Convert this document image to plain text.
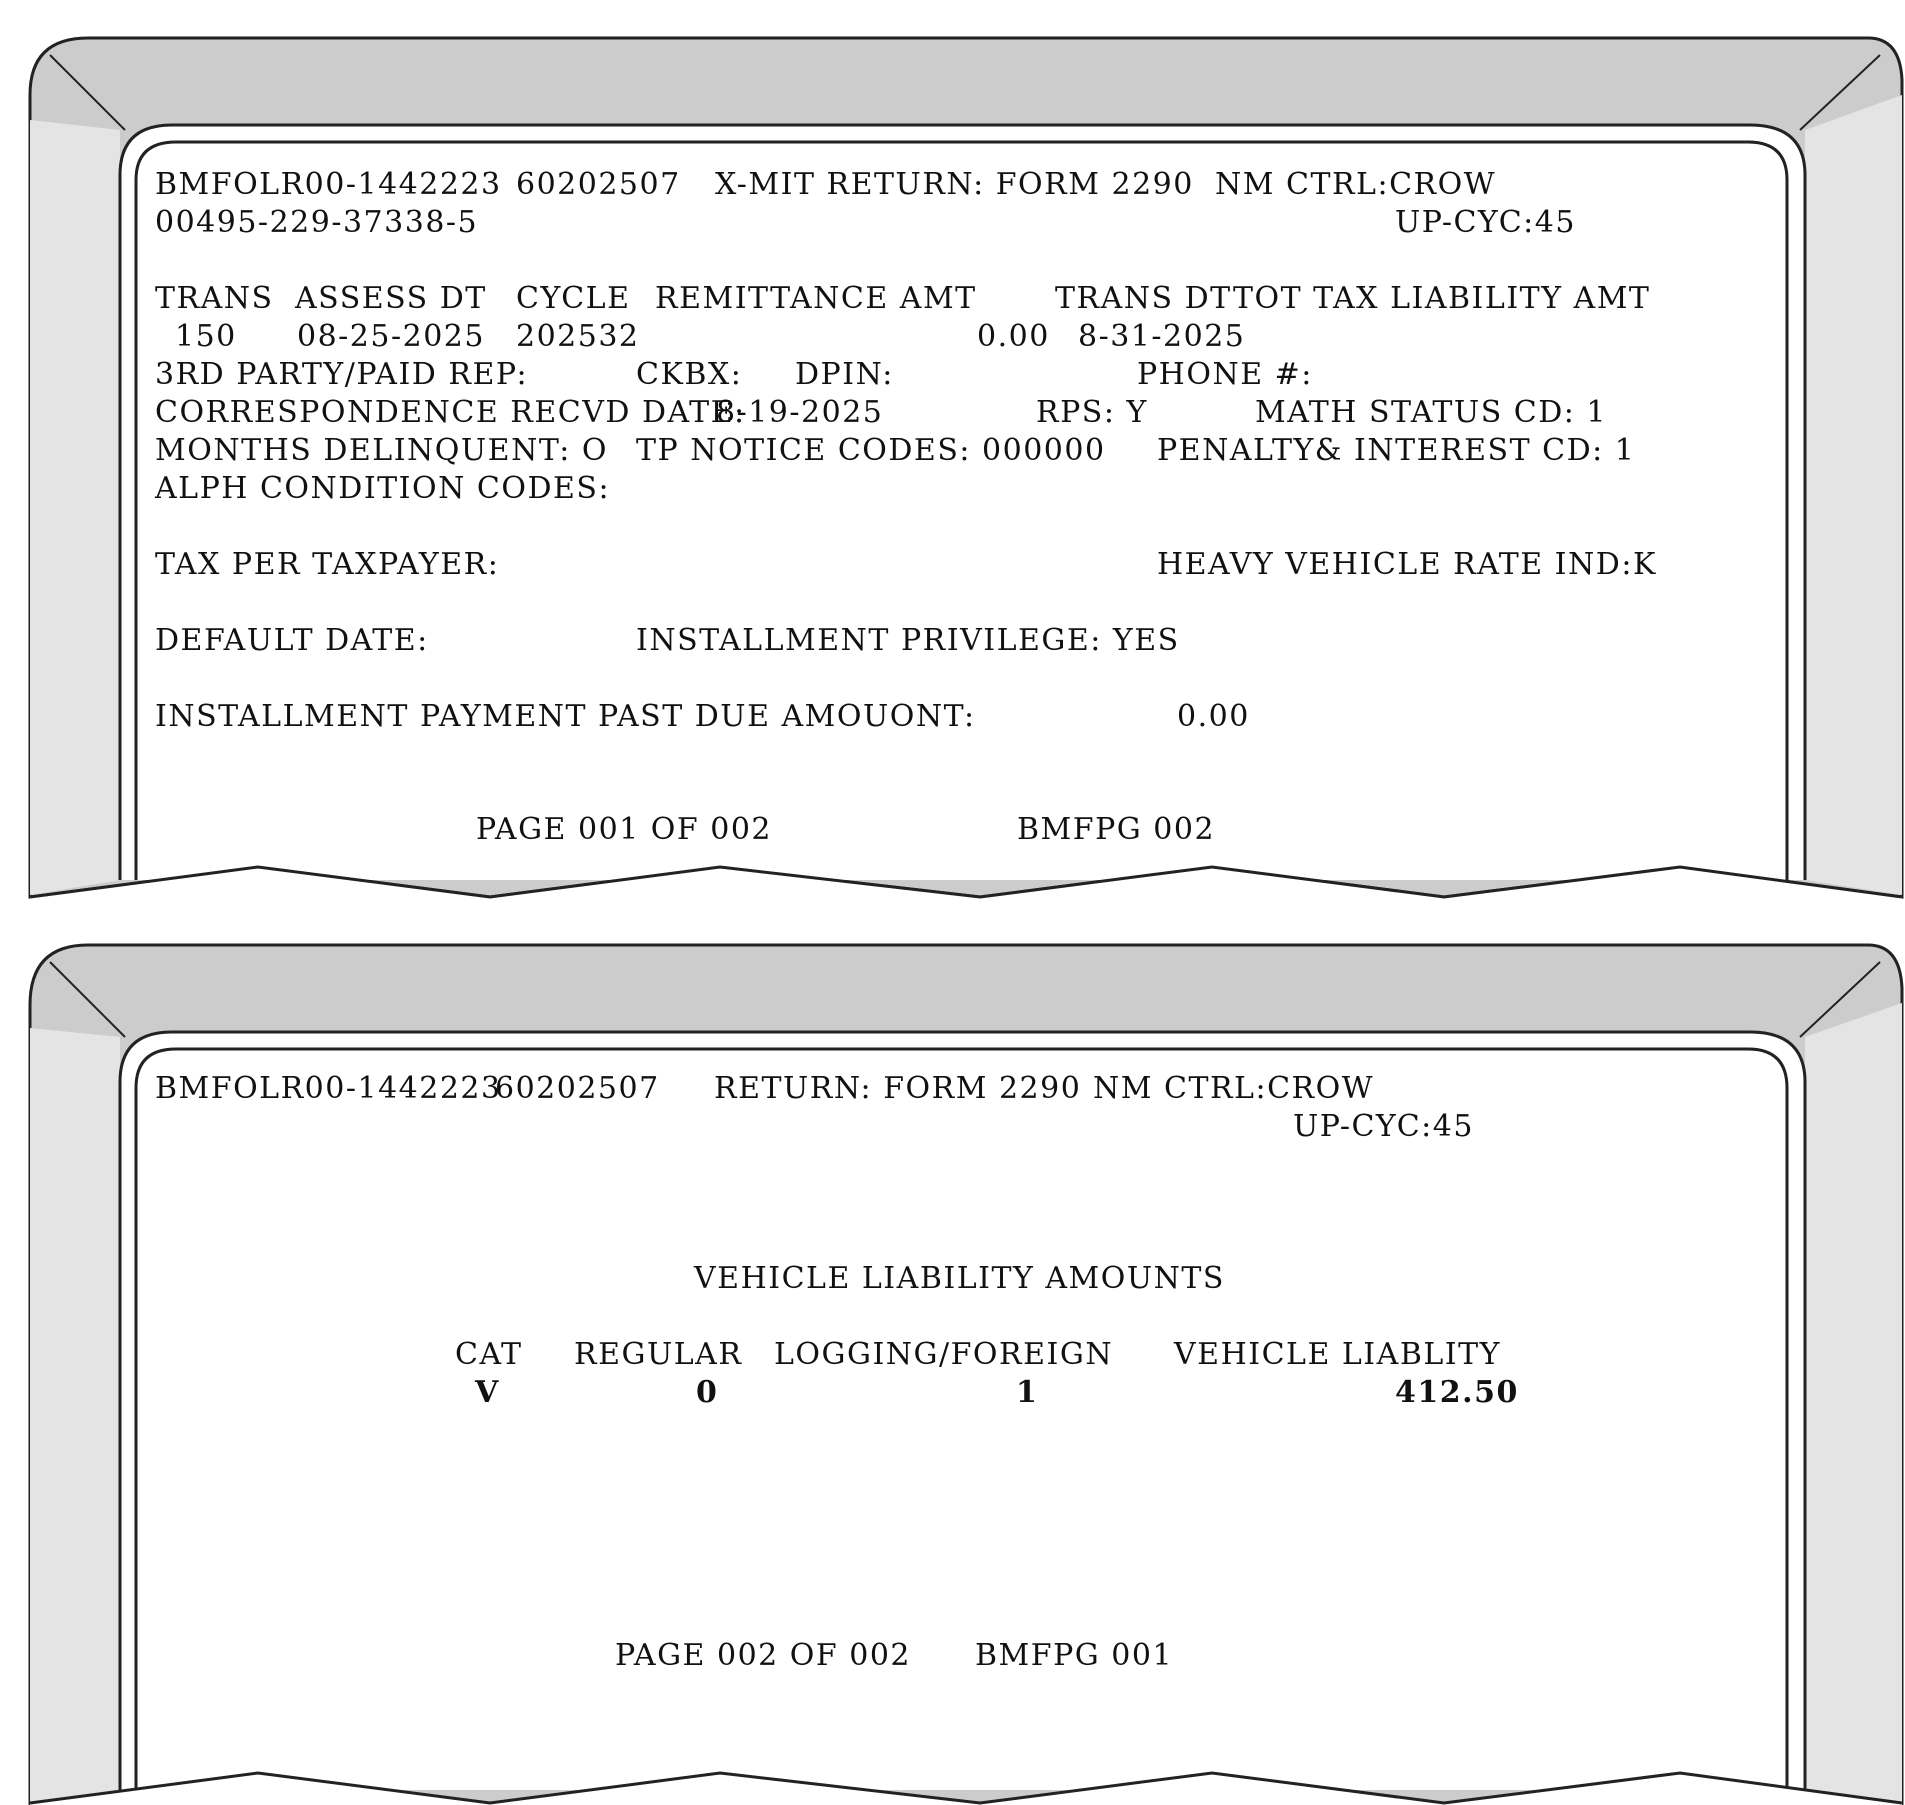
BMFOLR00-1442223 60202507 X-MIT RETURN: FORM 2290 NM CTRL:CROW
00495-229-37338-5	UP-CYC:45
TRANS ASSESS DT CYCLE REMITTANCE AMT	TRANS DT TOT TAX LIABILITY AMT
150 08-25-2025 202532	0.00 8-31-2025
3RD PARTY/PAID REP:	CKBX: DPIN:	PHONE #:
CORRESPONDENCE RECVD DATE:
8-19-2025	RPS: Y	MATH STATUS CD: 1
MONTHS DELINQUENT: O TP NOTICE CODES: 000000 PENALTY& INTEREST CD: 1
ALPH CONDITION CODES:
TAX PER TAXPAYER:	HEAVY VEHICLE RATE IND:K
DEFAULT DATE:	INSTALLMENT PRIVILEGE: YES
INSTALLMENT PAYMENT PAST DUE AMOUONT:	0.00
PAGE 001 OF 002	BMFPG 002
BMFOLR00-1442223
60202507 RETURN: FORM 2290 NM CTRL:CROW
UP-CYC:45
VEHICLE LIABILITY AMOUNTS
CAT REGULAR LOGGING/FOREIGN VEHICLE LIABLITY
V	0	1	412.50
PAGE 002 OF 002 BMFPG 001
